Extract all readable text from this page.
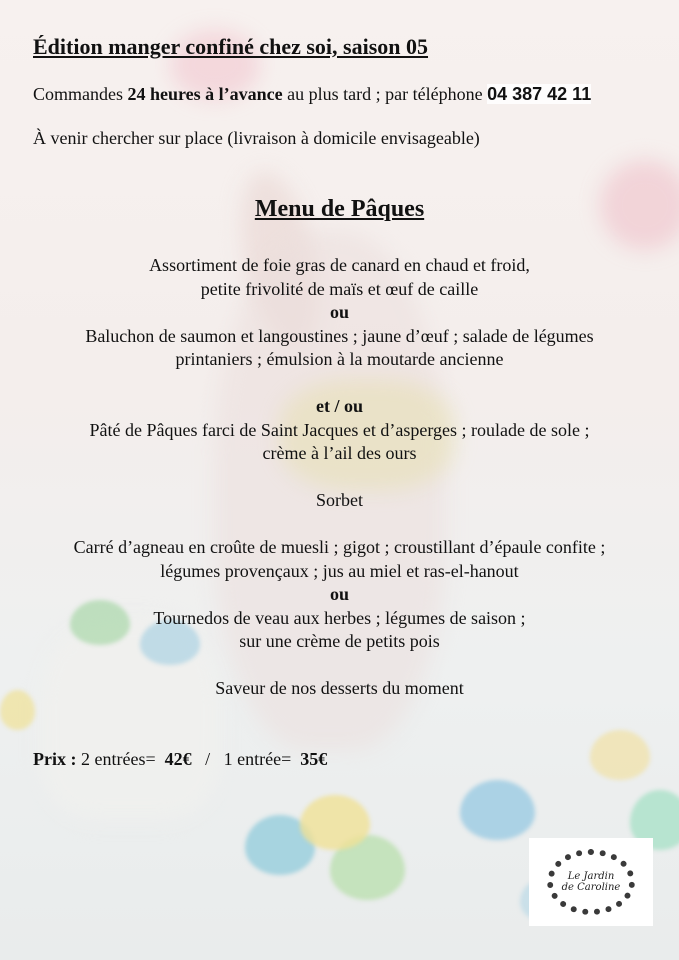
Édition manger confiné chez soi, saison 05
Commandes 24 heures à l’avance au plus tard ; par téléphone 04 387 42 11
À venir chercher sur place (livraison à domicile envisageable)
Menu de Pâques

Assortiment de foie gras de canard en chaud et froid,

petite frivolité de maïs et œuf de caille

ou

Baluchon de saumon et langoustines ; jaune d’œuf ; salade de légumes

printaniers ; émulsion à la moutarde ancienne

et / ou

Pâté de Pâques farci de Saint Jacques et d’asperges ; roulade de sole ;

crème à l’ail des ours

Sorbet

Carré d’agneau en croûte de muesli ; gigot ; croustillant d’épaule confite ;

légumes provençaux ; jus au miel et ras-el-hanout

ou

Tournedos de veau aux herbes ; légumes de saison ;

sur une crème de petits pois

Saveur de nos desserts du moment

Prix : 2 entrées=  42€   /   1 entrée=  35€
Le Jardin
de Caroline
